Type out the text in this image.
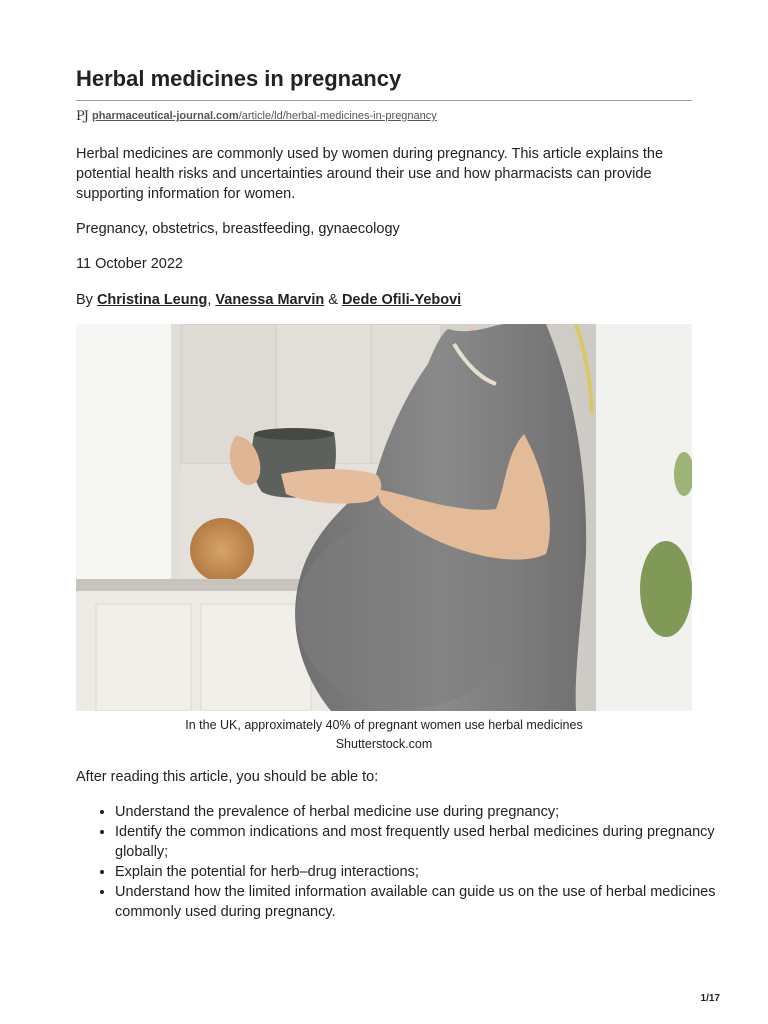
Herbal medicines in pregnancy
PJ pharmaceutical-journal.com/article/ld/herbal-medicines-in-pregnancy

Herbal medicines are commonly used by women during pregnancy. This article explains the potential health risks and uncertainties around their use and how pharmacists can provide supporting information for women.

Pregnancy, obstetrics, breastfeeding, gynaecology

11 October 2022

By Christina Leung, Vanessa Marvin & Dede Ofili-Yebovi

In the UK, approximately 40% of pregnant women use herbal medicines
Shutterstock.com

After reading this article, you should be able to:

• Understand the prevalence of herbal medicine use during pregnancy;
• Identify the common indications and most frequently used herbal medicines during pregnancy globally;
• Explain the potential for herb–drug interactions;
• Understand how the limited information available can guide us on the use of herbal medicines commonly used during pregnancy.
1/17
